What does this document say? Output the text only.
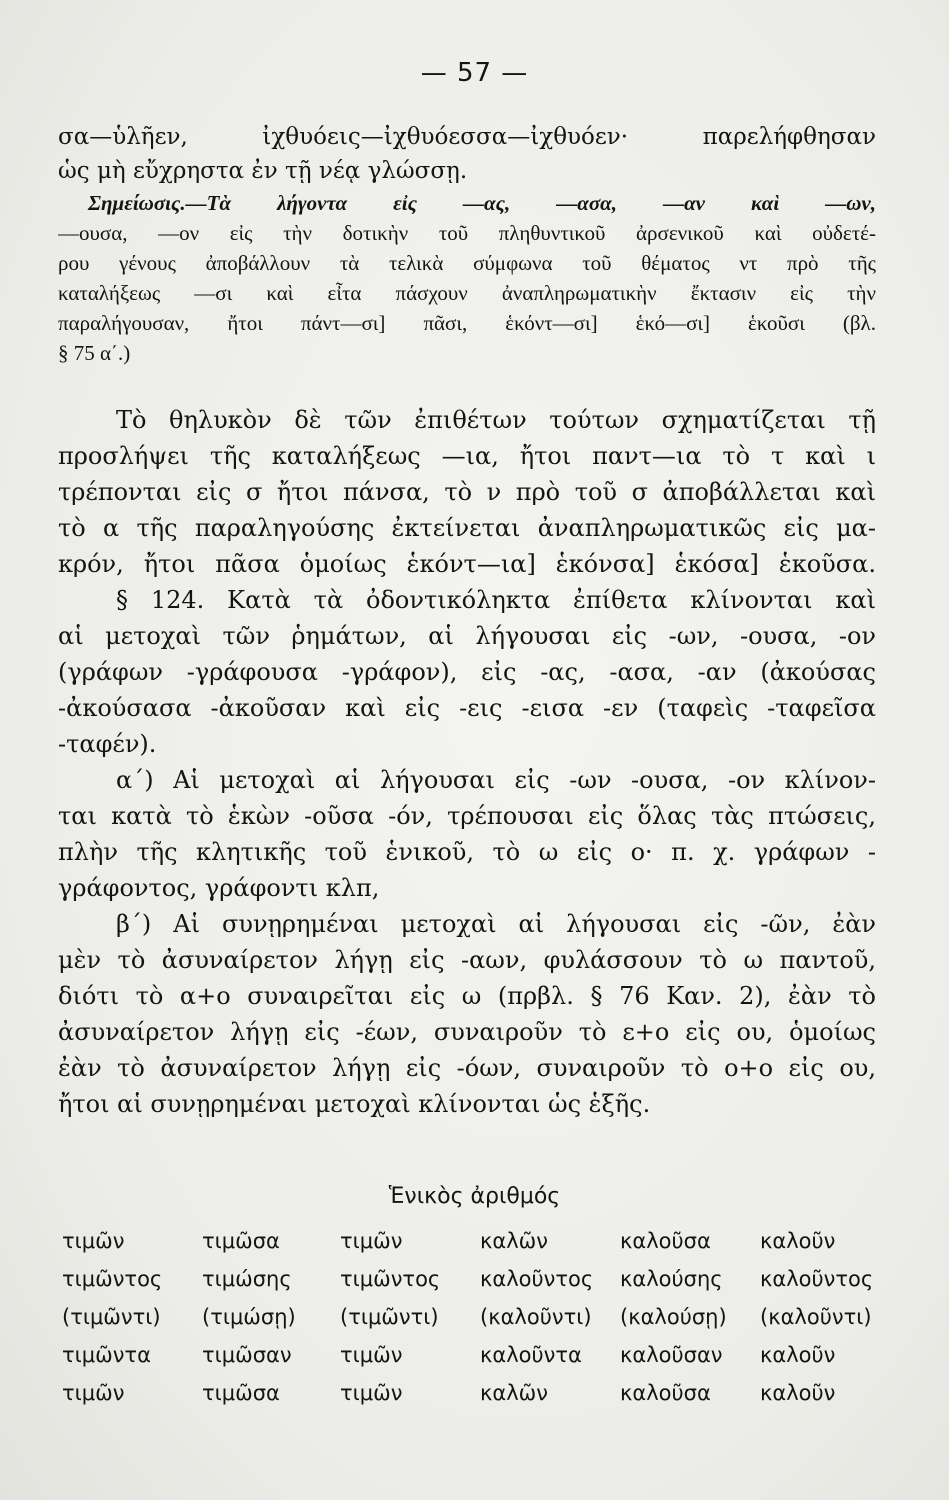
— 57 —
σα—ὑλῆεν, ἰχθυόεις—ἰχθυόεσσα—ἰχθυόεν· παρελήφθησαν
ὡς μὴ εὔχρηστα ἐν τῇ νέᾳ γλώσσῃ.
Σημείωσις.—Τὰ λήγοντα εἰς —ας, —ασα, —αν καὶ —ων,
—ουσα, —ον εἰς τὴν δοτικὴν τοῦ πληθυντικοῦ ἀρσενικοῦ καὶ οὐδετέ-
ρου γένους ἀποβάλλουν τὰ τελικὰ σύμφωνα τοῦ θέματος ντ πρὸ τῆς
καταλήξεως —σι καὶ εἶτα πάσχουν ἀναπληρωματικὴν ἔκτασιν εἰς τὴν
παραλήγουσαν, ἤτοι πάντ—σι] πᾶσι, ἑκόντ—σι] ἑκό—σι] ἑκοῦσι (βλ.
§ 75 α΄.)
Τὸ θηλυκὸν δὲ τῶν ἐπιθέτων τούτων σχηματίζεται τῇ
προσλήψει τῆς καταλήξεως —ια, ἤτοι παντ—ια τὸ τ καὶ ι
τρέπονται εἰς σ ἤτοι πάνσα, τὸ ν πρὸ τοῦ σ ἀποβάλλεται καὶ
τὸ α τῆς παραληγούσης ἐκτείνεται ἀναπληρωματικῶς εἰς μα-
κρόν, ἤτοι πᾶσα ὁμοίως ἑκόντ—ια] ἑκόνσα] ἑκόσα] ἑκοῦσα.
§ 124. Κατὰ τὰ ὀδοντικόληκτα ἐπίθετα κλίνονται καὶ
αἱ μετοχαὶ τῶν ῥημάτων, αἱ λήγουσαι εἰς -ων, -ουσα, -ον
(γράφων -γράφουσα -γράφον), εἰς -ας, -ασα, -αν (ἀκούσας
-ἀκούσασα -ἀκοῦσαν καὶ εἰς -εις -εισα -εν (ταφεὶς -ταφεῖσα
-ταφέν).
α΄) Αἱ μετοχαὶ αἱ λήγουσαι εἰς -ων -ουσα, -ον κλίνον-
ται κατὰ τὸ ἑκὼν -οῦσα -όν, τρέπουσαι εἰς ὅλας τὰς πτώσεις,
πλὴν τῆς κλητικῆς τοῦ ἑνικοῦ, τὸ ω εἰς ο· π. χ. γράφων -
γράφοντος, γράφοντι κλπ,
β΄) Αἱ συνῃρημέναι μετοχαὶ αἱ λήγουσαι εἰς -ῶν, ἐὰν
μὲν τὸ ἀσυναίρετον λήγῃ εἰς -αων, φυλάσσουν τὸ ω παντοῦ,
διότι τὸ α+ο συναιρεῖται εἰς ω (πρβλ. § 76 Καν. 2), ἐὰν τὸ
ἀσυναίρετον λήγῃ εἰς -έων, συναιροῦν τὸ ε+ο εἰς ου, ὁμοίως
ἐὰν τὸ ἀσυναίρετον λήγῃ εἰς -όων, συναιροῦν τὸ ο+ο εἰς ου,
ἤτοι αἱ συνῃρημέναι μετοχαὶ κλίνονται ὡς ἑξῆς.
Ἑνικὸς ἀριθμός
τιμῶν	τιμῶσα	τιμῶν	καλῶν	καλοῦσα	καλοῦν
τιμῶντος	τιμώσης	τιμῶντος	καλοῦντος	καλούσης	καλοῦντος
(τιμῶντι)	(τιμώσῃ)	(τιμῶντι)	(καλοῦντι)	(καλούσῃ)	(καλοῦντι)
τιμῶντα	τιμῶσαν	τιμῶν	καλοῦντα	καλοῦσαν	καλοῦν
τιμῶν	τιμῶσα	τιμῶν	καλῶν	καλοῦσα	καλοῦν
